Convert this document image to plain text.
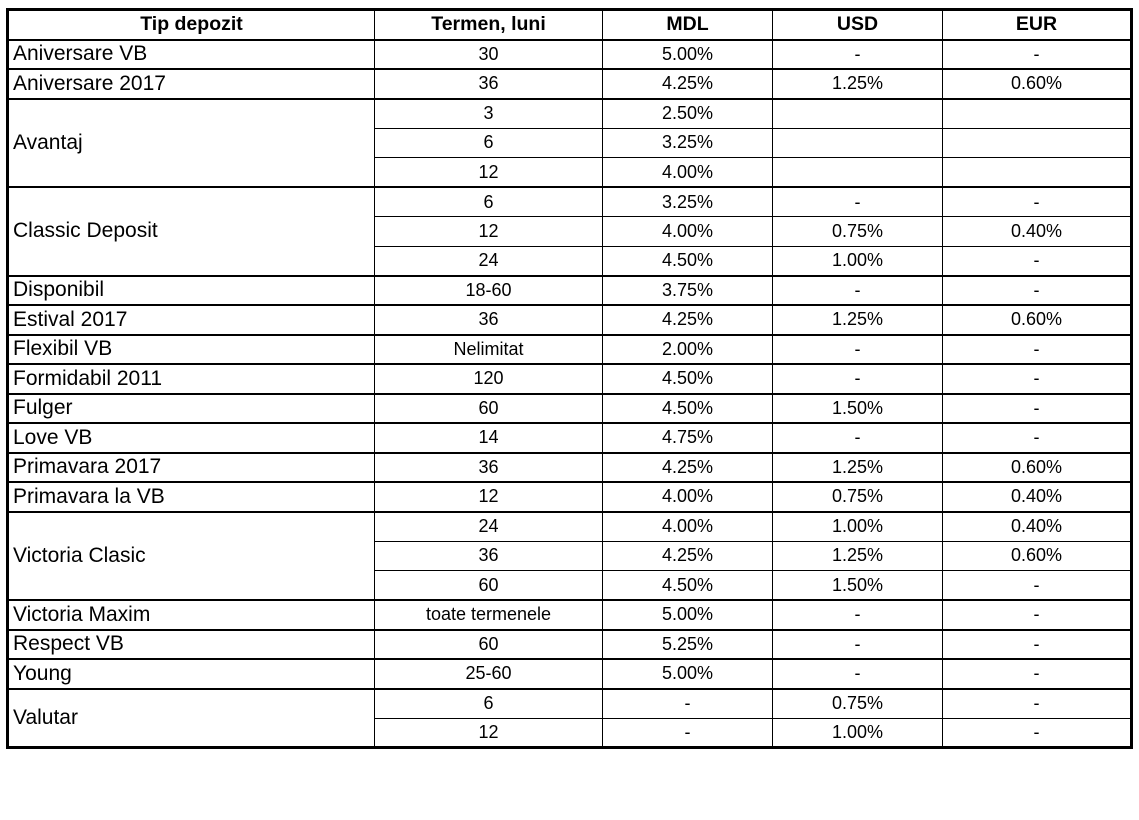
Tip depozit	Termen, luni	MDL	USD	EUR
Aniversare VB	30	5.00%	-	-
Aniversare 2017	36	4.25%	1.25%	0.60%
Avantaj	3	2.50%		
	6	3.25%		
	12	4.00%		
Classic Deposit	6	3.25%	-	-
	12	4.00%	0.75%	0.40%
	24	4.50%	1.00%	-
Disponibil	18-60	3.75%	-	-
Estival 2017	36	4.25%	1.25%	0.60%
Flexibil VB	Nelimitat	2.00%	-	-
Formidabil 2011	120	4.50%	-	-
Fulger	60	4.50%	1.50%	-
Love VB	14	4.75%	-	-
Primavara 2017	36	4.25%	1.25%	0.60%
Primavara la VB	12	4.00%	0.75%	0.40%
Victoria Clasic	24	4.00%	1.00%	0.40%
	36	4.25%	1.25%	0.60%
	60	4.50%	1.50%	-
Victoria Maxim	toate termenele	5.00%	-	-
Respect VB	60	5.25%	-	-
Young	25-60	5.00%	-	-
Valutar	6	-	0.75%	-
	12	-	1.00%	-
